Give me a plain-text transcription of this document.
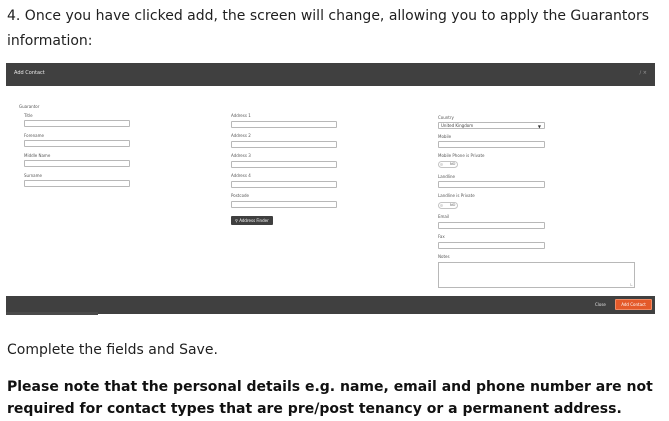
4. Once you have clicked add, the screen will change, allowing you to apply the Guarantors information:

Add Contact	∕ ×
Guarantor
Title
Forename
Middle Name
Surname
Address 1
Address 2
Address 3
Address 4
Postcode
⚲ Address Finder
Country
United Kingdom	▼
Mobile
Mobile Phone is Private
NO
Landline
Landline is Private
NO
Email
Fax
Notes
∟
Close	Add Contact

Complete the fields and Save.

Please note that the personal details e.g. name, email and phone number are not required for contact types that are pre/post tenancy or a permanent address.
